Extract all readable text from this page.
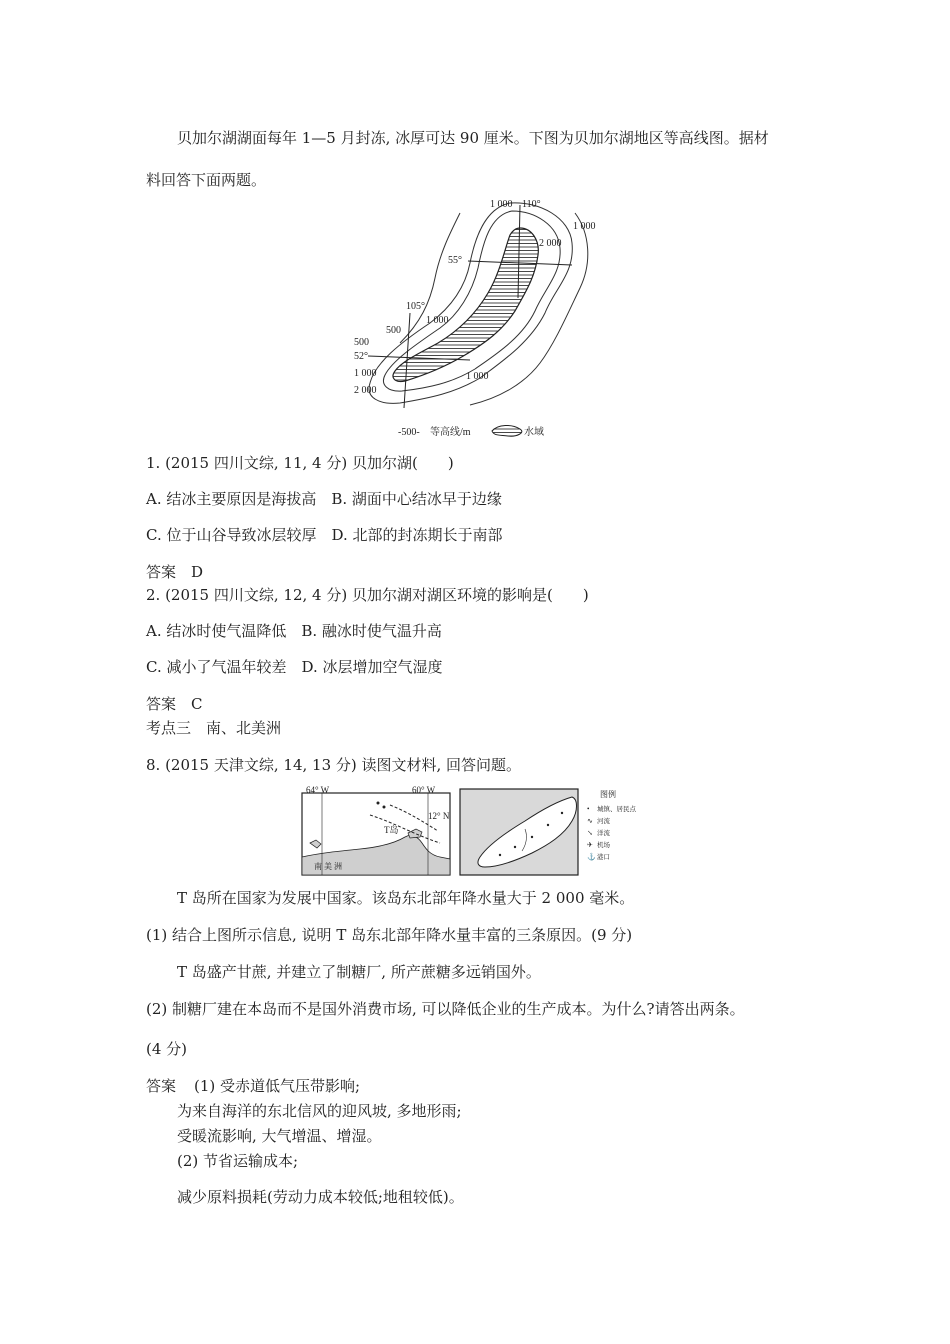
贝加尔湖湖面每年 1—5 月封冻, 冰厚可达 90 厘米。下图为贝加尔湖地区等高线图。据材
料回答下面两题。
1 000 110°
1 000
2 000
55°
105°
1 000
500
500
52°
1 000	1 000
2 000
-500- 等高线/m	水域
1. (2015 四川文综, 11, 4 分) 贝加尔湖(　　)
A. 结冰主要原因是海拔高　B. 湖面中心结冰早于边缘
C. 位于山谷导致冰层较厚　D. 北部的封冻期长于南部
答案　D
2. (2015 四川文综, 12, 4 分) 贝加尔湖对湖区环境的影响是(　　)
A. 结冰时使气温降低　B. 融冰时使气温升高
C. 减小了气温年较差　D. 冰层增加空气湿度
答案　C
考点三　南、北美洲
8. (2015 天津文综, 14, 13 分) 读图文材料, 回答问题。
64° W	60° W
12° N
T岛
南 美 洲
图例
• 城镇、居民点
∿ 河流
↘ 洋流
✈ 机场
⚓ 港口
T 岛所在国家为发展中国家。该岛东北部年降水量大于 2 000 毫米。
(1) 结合上图所示信息, 说明 T 岛东北部年降水量丰富的三条原因。(9 分)
T 岛盛产甘蔗, 并建立了制糖厂, 所产蔗糖多远销国外。
(2) 制糖厂建在本岛而不是国外消费市场, 可以降低企业的生产成本。为什么?请答出两条。
(4 分)
答案 (1) 受赤道低气压带影响;
为来自海洋的东北信风的迎风坡, 多地形雨;
受暖流影响, 大气增温、增湿。
(2) 节省运输成本;
减少原料损耗(劳动力成本较低;地租较低)。
